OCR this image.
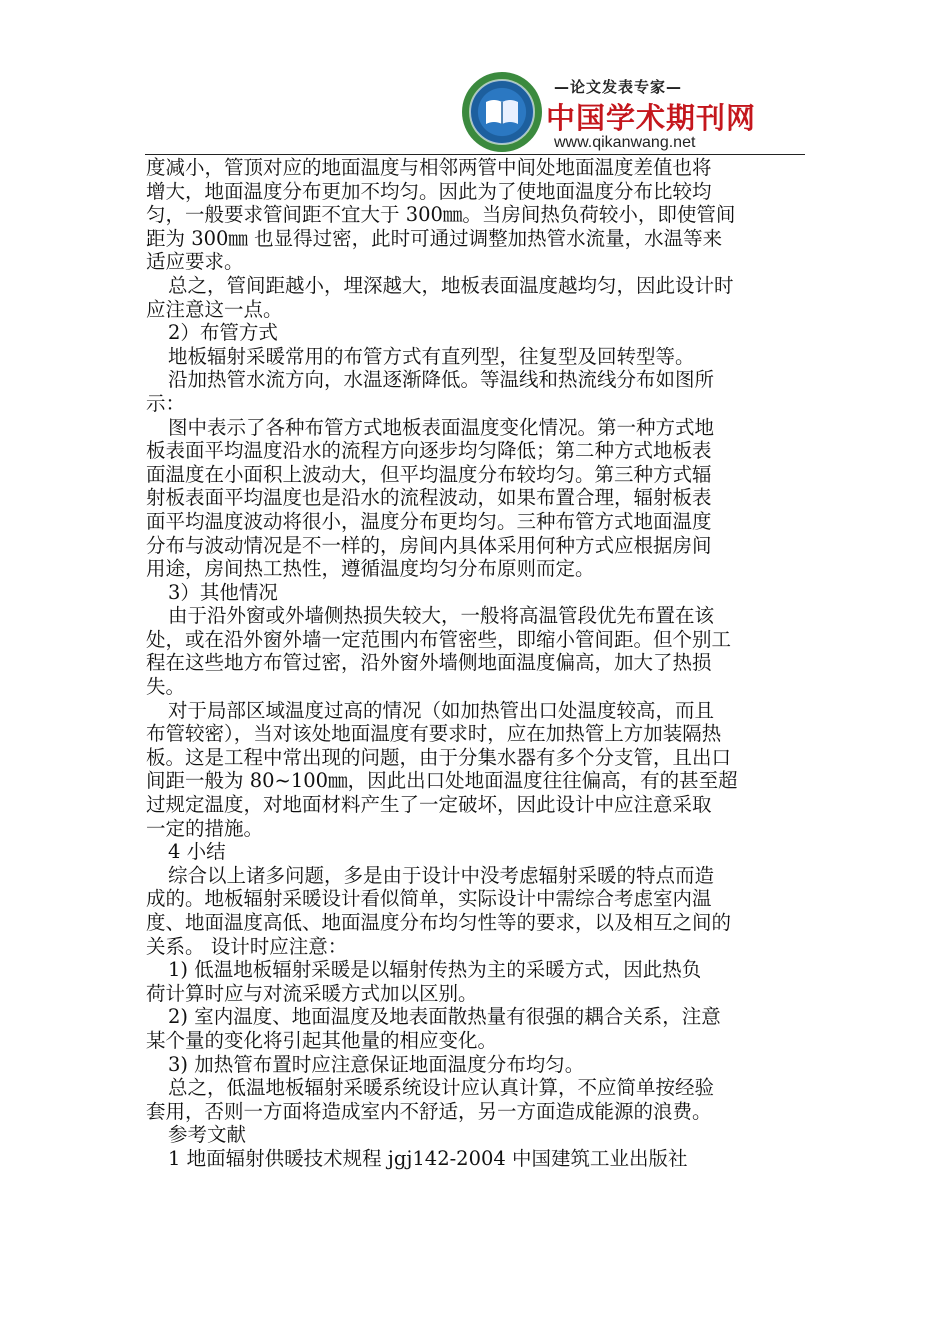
—论文发表专家—
中国学术期刊网
www.qikanwang.net
度减小，管顶对应的地面温度与相邻两管中间处地面温度差值也将
增大，地面温度分布更加不均匀。因此为了使地面温度分布比较均
匀，一般要求管间距不宜大于 300㎜。当房间热负荷较小，即使管间
距为 300㎜ 也显得过密，此时可通过调整加热管水流量，水温等来
适应要求。
总之，管间距越小，埋深越大，地板表面温度越均匀，因此设计时
应注意这一点。
2）布管方式
地板辐射采暖常用的布管方式有直列型，往复型及回转型等。
沿加热管水流方向，水温逐渐降低。等温线和热流线分布如图所
示：
图中表示了各种布管方式地板表面温度变化情况。第一种方式地
板表面平均温度沿水的流程方向逐步均匀降低；第二种方式地板表
面温度在小面积上波动大，但平均温度分布较均匀。第三种方式辐
射板表面平均温度也是沿水的流程波动，如果布置合理，辐射板表
面平均温度波动将很小，温度分布更均匀。三种布管方式地面温度
分布与波动情况是不一样的，房间内具体采用何种方式应根据房间
用途，房间热工热性，遵循温度均匀分布原则而定。
3）其他情况
由于沿外窗或外墙侧热损失较大，一般将高温管段优先布置在该
处，或在沿外窗外墙一定范围内布管密些，即缩小管间距。但个别工
程在这些地方布管过密，沿外窗外墙侧地面温度偏高，加大了热损
失。
对于局部区域温度过高的情况（如加热管出口处温度较高，而且
布管较密），当对该处地面温度有要求时，应在加热管上方加装隔热
板。这是工程中常出现的问题，由于分集水器有多个分支管，且出口
间距一般为 80~100㎜，因此出口处地面温度往往偏高，有的甚至超
过规定温度，对地面材料产生了一定破坏，因此设计中应注意采取
一定的措施。
4 小结
综合以上诸多问题，多是由于设计中没考虑辐射采暖的特点而造
成的。地板辐射采暖设计看似简单，实际设计中需综合考虑室内温
度、地面温度高低、地面温度分布均匀性等的要求，以及相互之间的
关系。 设计时应注意：
1) 低温地板辐射采暖是以辐射传热为主的采暖方式，因此热负
荷计算时应与对流采暖方式加以区别。
2) 室内温度、地面温度及地表面散热量有很强的耦合关系，注意
某个量的变化将引起其他量的相应变化。
3) 加热管布置时应注意保证地面温度分布均匀。
总之，低温地板辐射采暖系统设计应认真计算，不应简单按经验
套用，否则一方面将造成室内不舒适，另一方面造成能源的浪费。
参考文献
1 地面辐射供暖技术规程 jgj142-2004 中国建筑工业出版社
